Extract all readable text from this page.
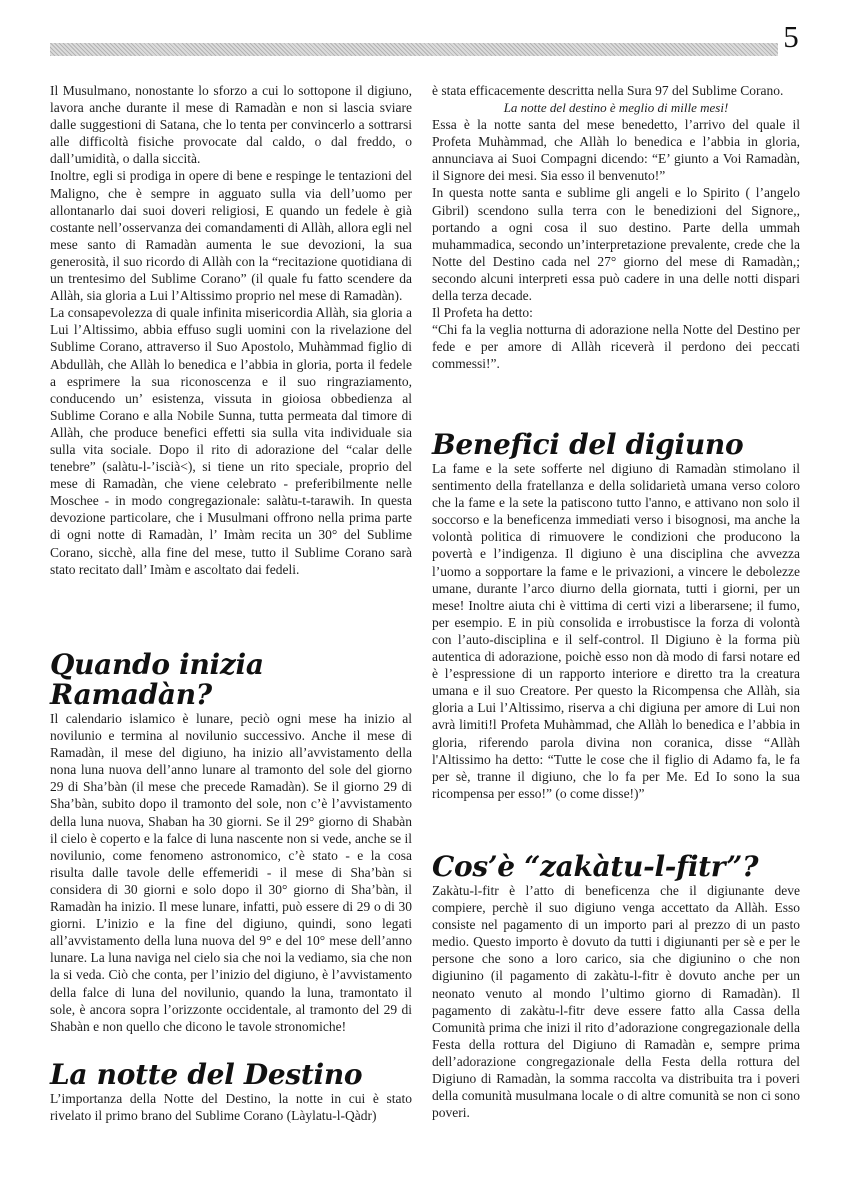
5

Il Musulmano, nonostante lo sforzo a cui lo sottopone il digiuno, lavora anche durante il mese di Ramadàn e non si lascia sviare dalle suggestioni di Satana, che lo tenta per convincerlo a sottrarsi alle difficoltà fisiche provocate dal caldo, o dal freddo, o dall’umidità, o dalla siccità.

Inoltre, egli si prodiga in opere di bene e respinge le tentazioni del Maligno, che è sempre in agguato sulla via dell’uomo per allontanarlo dai suoi doveri religiosi, E quando un fedele è già costante nell’osservanza dei comandamenti di Allàh, allora egli nel mese santo di Ramadàn aumenta le sue devozioni, la sua generosità, il suo ricordo di Allàh con la “recitazione quotidiana di un trentesimo del Sublime Corano” (il quale fu fatto scendere da Allàh, sia gloria a Lui l’Altissimo proprio nel mese di Ramadàn).

La consapevolezza di quale infinita misericordia Allàh, sia gloria a Lui l’Altissimo, abbia effuso sugli uomini con la rivelazione del Sublime Corano, attraverso il Suo Apostolo, Muhàmmad figlio di Abdullàh, che Allàh lo benedica e l’abbia in gloria, porta il fedele a esprimere la sua riconoscenza e il suo ringraziamento, conducendo un’ esistenza, vissuta in gioiosa obbedienza al Sublime Corano e alla Nobile Sunna, tutta permeata dal timore di Allàh, che produce benefici effetti sia sulla vita individuale sia sulla vita sociale. Dopo il rito di adorazione del “calar delle tenebre” (salàtu-l-’iscià<), si tiene un rito speciale, proprio del mese di Ramadàn, che viene celebrato - preferibilmente nelle Moschee - in modo congregazionale: salàtu-t-tarawih. In questa devozione particolare, che i Musulmani offrono nella prima parte di ogni notte di Ramadàn, l’ Imàm recita un 30° del Sublime Corano, sicchè, alla fine del mese, tutto il Sublime Corano sarà stato recitato dall’ Imàm e ascoltato dai fedeli.

Quando inizia Ramadàn?

Il calendario islamico è lunare, peciò ogni mese ha inizio al novilunio e termina al novilunio successivo. Anche il mese di Ramadàn, il mese del digiuno, ha inizio all’avvistamento della nona luna nuova dell’anno lunare al tramonto del sole del giorno 29 di Sha’bàn (il mese che precede Ramadàn). Se il giorno 29 di Sha’bàn, subito dopo il tramonto del sole, non c’è l’avvistamento della luna nuova, Shaban ha 30 giorni. Se il 29° giorno di Shabàn il cielo è coperto e la falce di luna nascente non si vede, anche se il novilunio, come fenomeno astronomico, c’è stato - e la cosa risulta dalle tavole delle effemeridi - il mese di Sha’bàn si considera di 30 giorni e solo dopo il 30° giorno di Sha’bàn, il Ramadàn ha inizio. Il mese lunare, infatti, può essere di 29 o di 30 giorni. L’inizio e la fine del digiuno, quindi, sono legati all’avvistamento della luna nuova del 9° e del 10° mese dell’anno lunare. La luna naviga nel cielo sia che noi la vediamo, sia che non la si veda. Ciò che conta, per l’inizio del digiuno, è l’avvistamento della falce di luna del novilunio, quando la luna, tramontato il sole, è ancora sopra l’orizzonte occidentale, al tramonto del 29 di Shabàn e non quello che dicono le tavole stronomiche!

La notte del Destino

L’importanza della Notte del Destino, la notte in cui è stato rivelato il primo brano del Sublime Corano (Làylatu-l-Qàdr)

è stata efficacemente descritta nella Sura 97 del Sublime Corano.

La notte del destino è meglio di mille mesi!

Essa è la notte santa del mese benedetto, l’arrivo del quale il Profeta Muhàmmad, che Allàh lo benedica e l’abbia in gloria, annunciava ai Suoi Compagni dicendo: “E’ giunto a Voi Ramadàn, il Signore dei mesi. Sia esso il benvenuto!”

In questa notte santa e sublime gli angeli e lo Spirito ( l’angelo Gibril) scendono sulla terra con le benedizioni del Signore,, portando a ogni cosa il suo destino. Parte della ummah muhammadica, secondo un’interpretazione prevalente, crede che la Notte del Destino cada nel 27° giorno del mese di Ramadàn,; secondo alcuni interpreti essa può cadere in una delle notti dispari della terza decade.

Il Profeta ha detto:

“Chi fa la veglia notturna di adorazione nella Notte del Destino per fede e per amore di Allàh riceverà il perdono dei peccati commessi!”.

Benefici del digiuno

La fame e la sete sofferte nel digiuno di Ramadàn stimolano il sentimento della fratellanza e della solidarietà umana verso coloro che la fame e la sete la patiscono tutto l'anno, e attivano non solo il soccorso e la beneficenza immediati verso i bisognosi, ma anche la volontà politica di rimuovere le condizioni che producono la povertà e l’indigenza. Il digiuno è una disciplina che avvezza l’uomo a sopportare la fame e le privazioni, a vincere le debolezze umane, durante l’arco diurno della giornata, tutti i giorni, per un mese! Inoltre aiuta chi è vittima di certi vizi a liberarsene; il fumo, per esempio. E in più consolida e irrobustisce la forza di volontà con l’auto-disciplina e il self-control. Il Digiuno è la forma più autentica di adorazione, poichè esso non dà modo di farsi notare ed è l’espressione di un rapporto interiore e diretto tra la creatura umana e il suo Creatore. Per questo la Ricompensa che Allàh, sia gloria a Lui l’Altissimo, riserva a chi digiuna per amore di Lui non avrà limiti!l Profeta Muhàmmad, che Allàh lo benedica e l’abbia in gloria, riferendo parola divina non coranica, disse “Allàh l'Altissimo ha detto: “Tutte le cose che il figlio di Adamo fa, le fa per sè, tranne il digiuno, che lo fa per Me. Ed Io sono la sua ricompensa per esso!” (o come disse!)”

Cos’è “zakàtu-l-fitr”?

Zakàtu-l-fitr è l’atto di beneficenza che il digiunante deve compiere, perchè il suo digiuno venga accettato da Allàh. Esso consiste nel pagamento di un importo pari al prezzo di un pasto medio. Questo importo è dovuto da tutti i digiunanti per sè e per le persone che sono a loro carico, sia che digiunino o che non digiunino (il pagamento di zakàtu-l-fitr è dovuto anche per un neonato venuto al mondo l’ultimo giorno di Ramadàn). Il pagamento di zakàtu-l-fitr deve essere fatto alla Cassa della Comunità prima che inizi il rito d’adorazione congregazionale della Festa della rottura del Digiuno di Ramadàn e, sempre prima dell’adorazione congregazionale della Festa della rottura del Digiuno di Ramadàn, la somma raccolta va distribuita tra i poveri della comunità musulmana locale o di altre comunità se non ci sono poveri.
